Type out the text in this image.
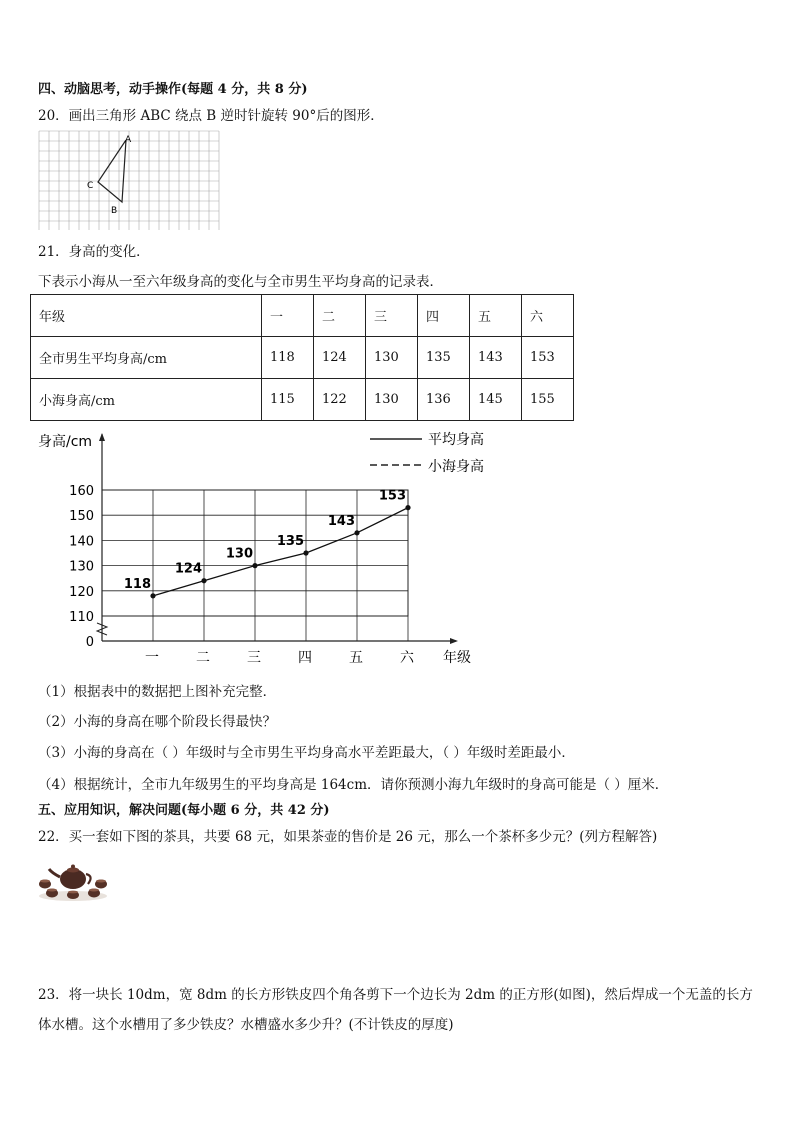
四、动脑思考，动手操作(每题 4 分，共 8 分)
20．画出三角形 ABC 绕点 B 逆时针旋转 90°后的图形．
A
C
B
21．身高的变化．
下表示小海从一至六年级身高的变化与全市男生平均身高的记录表．
年级	一	二	三	四	五	六
全市男生平均身高/cm	118	124	130	135	143	153
小海身高/cm	115	122	130	136	145	155
0
110
120
130
140
150
160
一	二	三	四	五	六
118
124
130
135
143
153
身高/cm
年级
平均身高
小海身高
（1）根据表中的数据把上图补充完整．
（2）小海的身高在哪个阶段长得最快？
（3）小海的身高在（ ）年级时与全市男生平均身高水平差距最大，（ ）年级时差距最小．
（4）根据统计，全市九年级男生的平均身高是 164cm．请你预测小海九年级时的身高可能是（ ）厘米．
五、应用知识，解决问题(每小题 6 分，共 42 分)
22．买一套如下图的茶具，共要 68 元，如果茶壶的售价是 26 元，那么一个茶杯多少元？(列方程解答)
23．将一块长 10dm，宽 8dm 的长方形铁皮四个角各剪下一个边长为 2dm 的正方形(如图)，然后焊成一个无盖的长方
体水槽。这个水槽用了多少铁皮？水槽盛水多少升？(不计铁皮的厚度)
